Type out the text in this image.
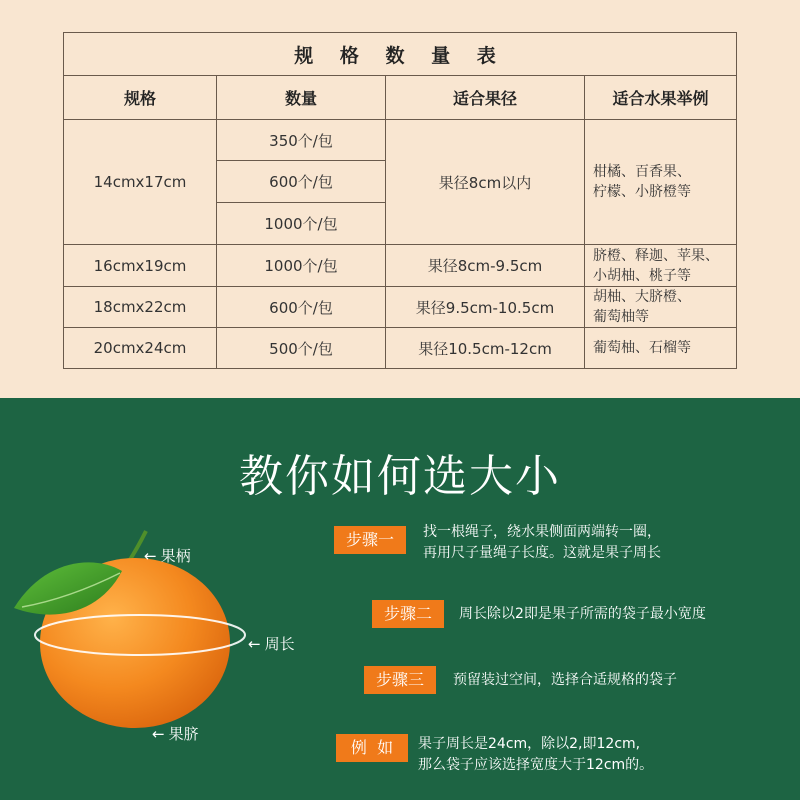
规 格 数 量 表			
规格	数量	适合果径	适合水果举例
14cmx17cm	350个/包	果径8cm以内	柑橘、百香果、
柠檬、小脐橙等

	600个/包		
	1000个/包		
16cmx19cm	1000个/包	果径8cm-9.5cm	脐橙、释迦、苹果、
小胡柚、桃子等

18cmx22cm	600个/包	果径9.5cm-10.5cm	胡柚、大脐橙、
葡萄柚等

20cmx24cm	500个/包	果径10.5cm-12cm	葡萄柚、石榴等
教你如何选大小
← 果柄
← 周长
← 果脐
步骤一	找一根绳子，绕水果侧面两端转一圈，
再用尺子量绳子长度。这就是果子周长
步骤二	周长除以2即是果子所需的袋子最小宽度
步骤三	预留装过空间，选择合适规格的袋子
例  如	果子周长是24cm，除以2,即12cm,
那么袋子应该选择宽度大于12cm的。
